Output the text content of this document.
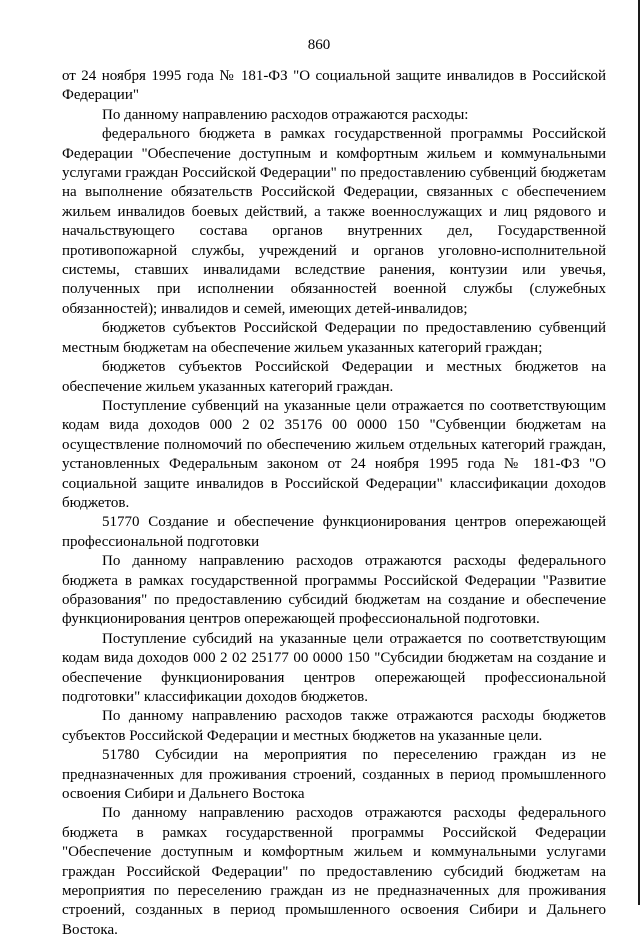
860

от 24 ноября 1995 года № 181-ФЗ "О социальной защите инвалидов в Российской Федерации"

По данному направлению расходов отражаются расходы:

федерального бюджета в рамках государственной программы Российской Федерации "Обеспечение доступным и комфортным жильем и коммунальными услугами граждан Российской Федерации" по предоставлению субвенций бюджетам на выполнение обязательств Российской Федерации, связанных с обеспечением жильем инвалидов боевых действий, а также военнослужащих и лиц рядового и начальствующего состава органов внутренних дел, Государственной противопожарной службы, учреждений и органов уголовно-исполнительной системы, ставших инвалидами вследствие ранения, контузии или увечья, полученных при исполнении обязанностей военной службы (служебных обязанностей); инвалидов и семей, имеющих детей-инвалидов;

бюджетов субъектов Российской Федерации по предоставлению субвенций местным бюджетам на обеспечение жильем указанных категорий граждан;

бюджетов субъектов Российской Федерации и местных бюджетов на обеспечение жильем указанных категорий граждан.

Поступление субвенций на указанные цели отражается по соответствующим кодам вида доходов 000 2 02 35176 00 0000 150 "Субвенции бюджетам на осуществление полномочий по обеспечению жильем отдельных категорий граждан, установленных Федеральным законом от 24 ноября 1995 года № 181-ФЗ "О социальной защите инвалидов в Российской Федерации" классификации доходов бюджетов.

51770 Создание и обеспечение функционирования центров опережающей профессиональной подготовки

По данному направлению расходов отражаются расходы федерального бюджета в рамках государственной программы Российской Федерации "Развитие образования" по предоставлению субсидий бюджетам на создание и обеспечение функционирования центров опережающей профессиональной подготовки.

Поступление субсидий на указанные цели отражается по соответствующим кодам вида доходов 000 2 02 25177 00 0000 150 "Субсидии бюджетам на создание и обеспечение функционирования центров опережающей профессиональной подготовки" классификации доходов бюджетов.

По данному направлению расходов также отражаются расходы бюджетов субъектов Российской Федерации и местных бюджетов на указанные цели.

51780 Субсидии на мероприятия по переселению граждан из не предназначенных для проживания строений, созданных в период промышленного освоения Сибири и Дальнего Востока

По данному направлению расходов отражаются расходы федерального бюджета в рамках государственной программы Российской Федерации "Обеспечение доступным и комфортным жильем и коммунальными услугами граждан Российской Федерации" по предоставлению субсидий бюджетам на мероприятия по переселению граждан из не предназначенных для проживания строений, созданных в период промышленного освоения Сибири и Дальнего Востока.
